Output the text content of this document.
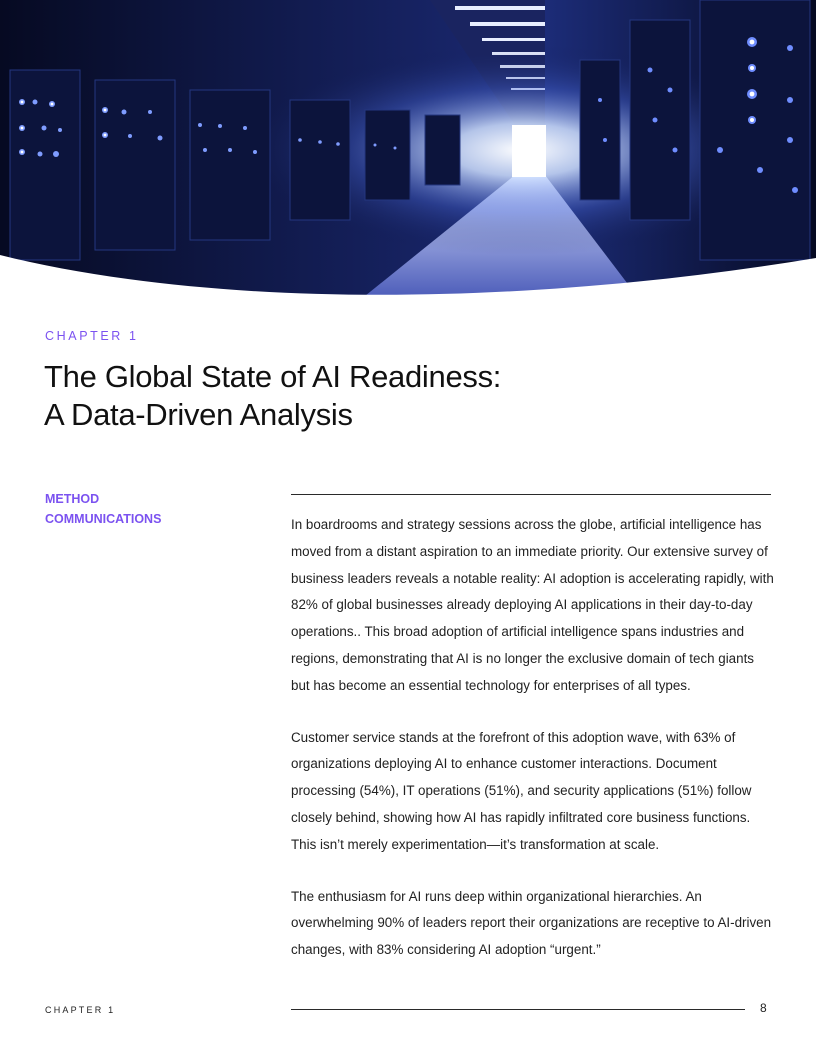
CHAPTER 1
The Global State of AI Readiness:
A Data-Driven Analysis
METHOD
COMMUNICATIONS	In boardrooms and strategy sessions across the globe, artificial intelligence has moved from a distant aspiration to an immediate priority. Our extensive survey of business leaders reveals a notable reality: AI adoption is accelerating rapidly, with 82% of global businesses already deploying AI applications in their day-to-day operations.. This broad adoption of artificial intelligence spans industries and regions, demonstrating that AI is no longer the exclusive domain of tech giants but has become an essential technology for enterprises of all types.

Customer service stands at the forefront of this adoption wave, with 63% of organizations deploying AI to enhance customer interactions. Document processing (54%), IT operations (51%), and security applications (51%) follow closely behind, showing how AI has rapidly infiltrated core business functions. This isn’t merely experimentation—it’s transformation at scale.

The enthusiasm for AI runs deep within organizational hierarchies. An overwhelming 90% of leaders report their organizations are receptive to AI-driven changes, with 83% considering AI adoption “urgent.”

CHAPTER 1	8
